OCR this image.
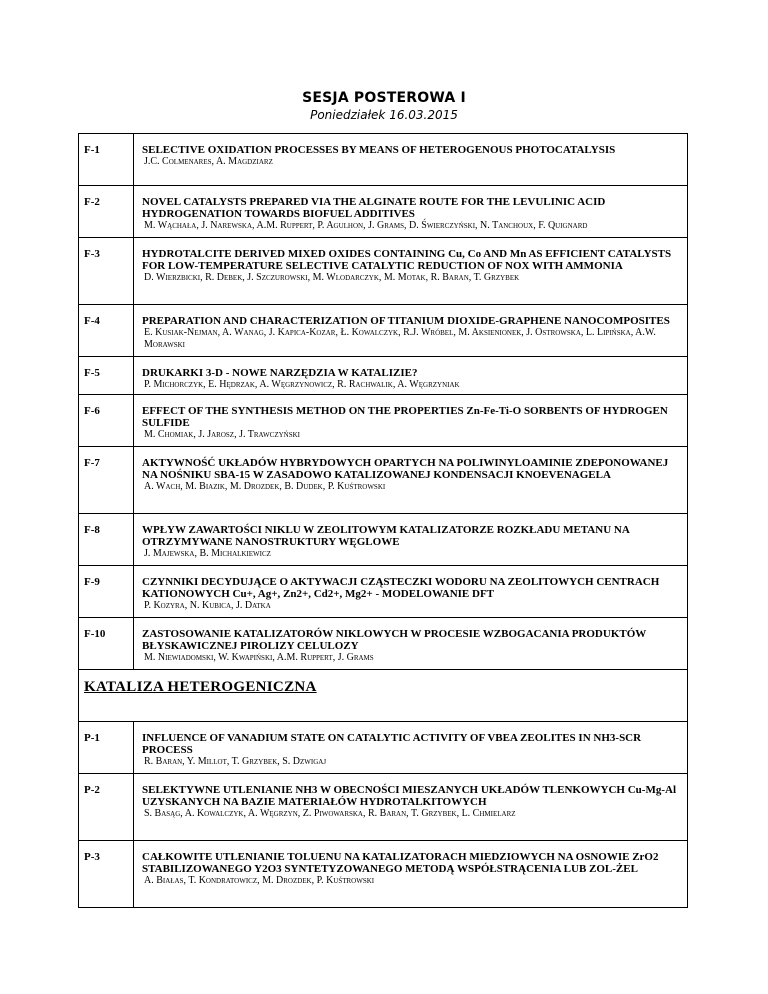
SESJA POSTEROWA I
Poniedziałek 16.03.2015
F-1	SELECTIVE OXIDATION PROCESSES BY MEANS OF HETEROGENOUS PHOTOCATALYSIS
J.C. Colmenares, A. Magdziarz

F-2	NOVEL CATALYSTS PREPARED VIA THE ALGINATE ROUTE FOR THE LEVULINIC ACID HYDROGENATION TOWARDS BIOFUEL ADDITIVES
M. Wąchała, J. Narewska, A.M. Ruppert, P. Agulhon, J. Grams, D. Świerczyński, N. Tanchoux, F. Quignard

F-3	HYDROTALCITE DERIVED MIXED OXIDES CONTAINING Cu, Co AND Mn AS EFFICIENT CATALYSTS FOR LOW-TEMPERATURE SELECTIVE CATALYTIC REDUCTION OF NOX WITH AMMONIA
D. Wierzbicki, R. Debek, J. Szczurowski, M. Wlodarczyk, M. Motak, R. Baran, T. Grzybek

F-4	PREPARATION AND CHARACTERIZATION OF TITANIUM DIOXIDE-GRAPHENE NANOCOMPOSITES
E. Kusiak-Nejman, A. Wanag, J. Kapica-Kozar, Ł. Kowalczyk, R.J. Wróbel, M. Aksienionek, J. Ostrowska, L. Lipińska, A.W. Morawski

F-5	DRUKARKI 3-D - NOWE NARZĘDZIA W KATALIZIE?
P. Michorczyk, E. Hędrzak, A. Węgrzynowicz, R. Rachwalik, A. Węgrzyniak

F-6	EFFECT OF THE SYNTHESIS METHOD ON THE PROPERTIES Zn-Fe-Ti-O SORBENTS OF HYDROGEN SULFIDE
M. Chomiak, J. Jarosz, J. Trawczyński

F-7	AKTYWNOŚĆ UKŁADÓW HYBRYDOWYCH OPARTYCH NA POLIWINYLOAMINIE ZDEPONOWANEJ NA NOŚNIKU SBA-15 W ZASADOWO KATALIZOWANEJ KONDENSACJI KNOEVENAGELA
A. Wach, M. Biazik, M. Drozdek, B. Dudek, P. Kuśtrowski

F-8	WPŁYW ZAWARTOŚCI NIKLU W ZEOLITOWYM KATALIZATORZE ROZKŁADU METANU NA OTRZYMYWANE NANOSTRUKTURY WĘGLOWE
J. Majewska, B. Michalkiewicz

F-9	CZYNNIKI DECYDUJĄCE O AKTYWACJI CZĄSTECZKI WODORU NA ZEOLITOWYCH CENTRACH KATIONOWYCH Cu+, Ag+, Zn2+, Cd2+, Mg2+ - MODELOWANIE DFT
P. Kozyra, N. Kubica, J. Datka

F-10	ZASTOSOWANIE KATALIZATORÓW NIKLOWYCH W PROCESIE WZBOGACANIA PRODUKTÓW BŁYSKAWICZNEJ PIROLIZY CELULOZY
M. Niewiadomski, W. Kwapiński, A.M. Ruppert, J. Grams

KATALIZA HETEROGENICZNA	
P-1	INFLUENCE OF VANADIUM STATE ON CATALYTIC ACTIVITY OF VBEA ZEOLITES IN NH3-SCR PROCESS
R. Baran, Y. Millot, T. Grzybek, S. Dzwigaj

P-2	SELEKTYWNE UTLENIANIE NH3 W OBECNOŚCI MIESZANYCH UKŁADÓW TLENKOWYCH Cu-Mg-Al UZYSKANYCH NA BAZIE MATERIAŁÓW HYDROTALKITOWYCH
S. Basąg, A. Kowalczyk, A. Węgrzyn, Z. Piwowarska, R. Baran, T. Grzybek, L. Chmielarz

P-3	CAŁKOWITE UTLENIANIE TOLUENU NA KATALIZATORACH MIEDZIOWYCH NA OSNOWIE ZrO2 STABILIZOWANEGO Y2O3 SYNTETYZOWANEGO METODĄ WSPÓŁSTRĄCENIA LUB ZOL-ŻEL
A. Białas, T. Kondratowicz, M. Drozdek, P. Kuśtrowski
